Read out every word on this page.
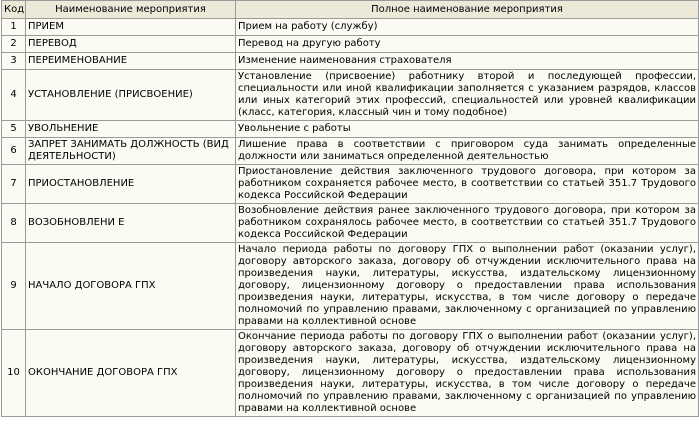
Код	Наименование мероприятия	Полное наименование мероприятия
1	ПРИЕМ	Прием на работу (службу)
2	ПЕРЕВОД	Перевод на другую работу
3	ПЕРЕИМЕНОВАНИЕ	Изменение наименования страхователя
4	УСТАНОВЛЕНИЕ (ПРИСВОЕНИЕ)	Установление (присвоение) работнику второй и последующей профессии, специальности или иной квалификации заполняется с указанием разрядов, классов или иных категорий этих профессий, специальностей или уровней квалификации (класс, категория, классный чин и тому подобное)
5	УВОЛЬНЕНИЕ	Увольнение с работы
6	ЗАПРЕТ ЗАНИМАТЬ ДОЛЖНОСТЬ (ВИД ДЕЯТЕЛЬНОСТИ)	Лишение права в соответствии с приговором суда занимать определенные должности или заниматься определенной деятельностью
7	ПРИОСТАНОВЛЕНИЕ	Приостановление действия заключенного трудового договора, при котором за работником сохраняется рабочее место, в соответствии со статьей 351.7 Трудового кодекса Российской Федерации
8	ВОЗОБНОВЛЕНИ Е	Возобновление действия ранее заключенного трудового договора, при котором за работником сохранялось рабочее место, в соответствии со статьей 351.7 Трудового кодекса Российской Федерации
9	НАЧАЛО ДОГОВОРА ГПХ	Начало периода работы по договору ГПХ о выполнении работ (оказании услуг), договору авторского заказа, договору об отчуждении исключительного права на произведения науки, литературы, искусства, издательскому лицензионному договору, лицензионному договору о предоставлении права использования произведения науки, литературы, искусства, в том числе договору о передаче полномочий по управлению правами, заключенному с организацией по управлению правами на коллективной основе
10	ОКОНЧАНИЕ ДОГОВОРА ГПХ	Окончание периода работы по договору ГПХ о выполнении работ (оказании услуг), договору авторского заказа, договору об отчуждении исключительного права на произведения науки, литературы, искусства, издательскому лицензионному договору, лицензионному договору о предоставлении права использования произведения науки, литературы, искусства, в том числе договору о передаче полномочий по управлению правами, заключенному с организацией по управлению правами на коллективной основе
